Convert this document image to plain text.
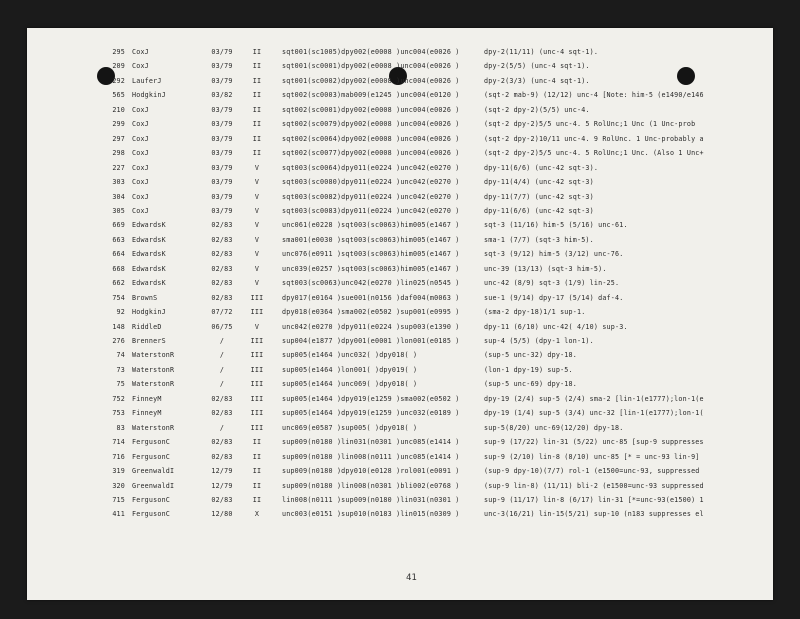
295 CoxJ	03/79	II	sqt001(sc1005)dpy002(e0008 )unc004(e0026 )	dpy-2(11/11) (unc-4 sqt-1).
209 CoxJ	03/79	II	sqt001(sc0001)dpy002(e0008 )unc004(e0026 )	dpy-2(5/5) (unc-4 sqt-1).
292 LauferJ	03/79	II	sqt001(sc0002)dpy002(e0008 )unc004(e0026 )	dpy-2(3/3) (unc-4 sqt-1).
565 HodgkinJ	03/82	II	sqt002(sc0003)mab009(e1245 )unc004(e0120 )	(sqt-2 mab-9) (12/12) unc-4 [Note: him-5 (e1490/e146
210 CoxJ	03/79	II	sqt002(sc0001)dpy002(e0008 )unc004(e0026 )	(sqt-2 dpy-2)(5/5) unc-4.
299 CoxJ	03/79	II	sqt002(sc0079)dpy002(e0008 )unc004(e0026 )	(sqt-2 dpy-2)5/5 unc-4. 5 RolUnc;1 Unc (1 Unc-prob
297 CoxJ	03/79	II	sqt002(sc0064)dpy002(e0008 )unc004(e0026 )	(sqt-2 dpy-2)10/11 unc-4. 9 RolUnc. 1 Unc-probably a
298 CoxJ	03/79	II	sqt002(sc0077)dpy002(e0008 )unc004(e0026 )	(sqt-2 dpy-2)5/5 unc-4. 5 RolUnc;1 Unc. (Also 1 Unc+
227 CoxJ	03/79	V	sqt003(sc0064)dpy011(e0224 )unc042(e0270 )	dpy-11(6/6) (unc-42 sqt-3).
303 CoxJ	03/79	V	sqt003(sc0080)dpy011(e0224 )unc042(e0270 )	dpy-11(4/4) (unc-42 sqt-3)
304 CoxJ	03/79	V	sqt003(sc0082)dpy011(e0224 )unc042(e0270 )	dpy-11(7/7) (unc-42 sqt-3)
305 CoxJ	03/79	V	sqt003(sc0083)dpy011(e0224 )unc042(e0270 )	dpy-11(6/6) (unc-42 sqt-3)
669 EdwardsK	02/83	V	unc061(e0228 )sqt003(sc0063)him005(e1467 )	sqt-3 (11/16) him-5 (5/16) unc-61.
663 EdwardsK	02/83	V	sma001(e0030 )sqt003(sc0063)him005(e1467 )	sma-1 (7/7) (sqt-3 him-5).
664 EdwardsK	02/83	V	unc076(e0911 )sqt003(sc0063)him005(e1467 )	sqt-3 (9/12) him-5 (3/12) unc-76.
668 EdwardsK	02/83	V	unc039(e0257 )sqt003(sc0063)him005(e1467 )	unc-39 (13/13) (sqt-3 him-5).
662 EdwardsK	02/83	V	sqt003(sc0063)unc042(e0270 )lin025(n0545 )	unc-42 (8/9) sqt-3 (1/9) lin-25.
754 BrownS	02/83	III	dpy017(e0164 )sue001(n0156 )daf004(m0063 )	sue-1 (9/14) dpy-17 (5/14) daf-4.
92 HodgkinJ	07/72	III	dpy018(e0364 )sma002(e0502 )sup001(e0995 )	(sma-2 dpy-18)1/1 sup-1.
148 RiddleD	06/75	V	unc042(e0270 )dpy011(e0224 )sup003(e1390 )	dpy-11 (6/10) unc-42( 4/10) sup-3.
276 BrennerS	/	III	sup004(e1877 )dpy001(e0001 )lon001(e0185 )	sup-4 (5/5) (dpy-1 lon-1).
74 WaterstonR	/	III	sup005(e1464 )unc032( )dpy018( )	(sup-5 unc-32) dpy-18.
73 WaterstonR	/	III	sup005(e1464 )lon001( )dpy019( )	(lon-1 dpy-19) sup-5.
75 WaterstonR	/	III	sup005(e1464 )unc069( )dpy018( )	(sup-5 unc-69) dpy-18.
752 FinneyM	02/83	III	sup005(e1464 )dpy019(e1259 )sma002(e0502 )	dpy-19 (2/4) sup-5 (2/4) sma-2 [lin-1(e1777);lon-1(e
753 FinneyM	02/83	III	sup005(e1464 )dpy019(e1259 )unc032(e0189 )	dpy-19 (1/4) sup-5 (3/4) unc-32 [lin-1(e1777);lon-1(
83 WaterstonR	/	III	unc069(e0587 )sup005( )dpy018( )	sup-5(8/20) unc-69(12/20) dpy-18.
714 FergusonC	02/83	II	sup009(n0180 )lin031(n0301 )unc085(e1414 )	sup-9 (17/22) lin-31 (5/22) unc-85 [sup-9 suppresses
716 FergusonC	02/83	II	sup009(n0180 )lin008(n0111 )unc085(e1414 )	sup-9 (2/10) lin-8 (8/10) unc-85 [* = unc-93 lin-9]
319 GreenwaldI	12/79	II	sup009(n0180 )dpy010(e0128 )rol001(e0091 )	(sup-9 dpy-10)(7/7) rol-1 (e1500=unc-93, suppressed
320 GreenwaldI	12/79	II	sup009(n0180 )lin008(n0301 )bli002(e0768 )	(sup-9 lin-8) (11/11) bli-2 (e1500=unc-93 suppressed
715 FergusonC	02/83	II	lin008(n0111 )sup009(n0180 )lin031(n0301 )	sup-9 (11/17) lin-8 (6/17) lin-31 [*=unc-93(e1500) 1
411 FergusonC	12/80	X	unc003(e0151 )sup010(n0183 )lin015(n0309 )	unc-3(16/21) lin-15(5/21) sup-10 (n183 suppresses el
41
